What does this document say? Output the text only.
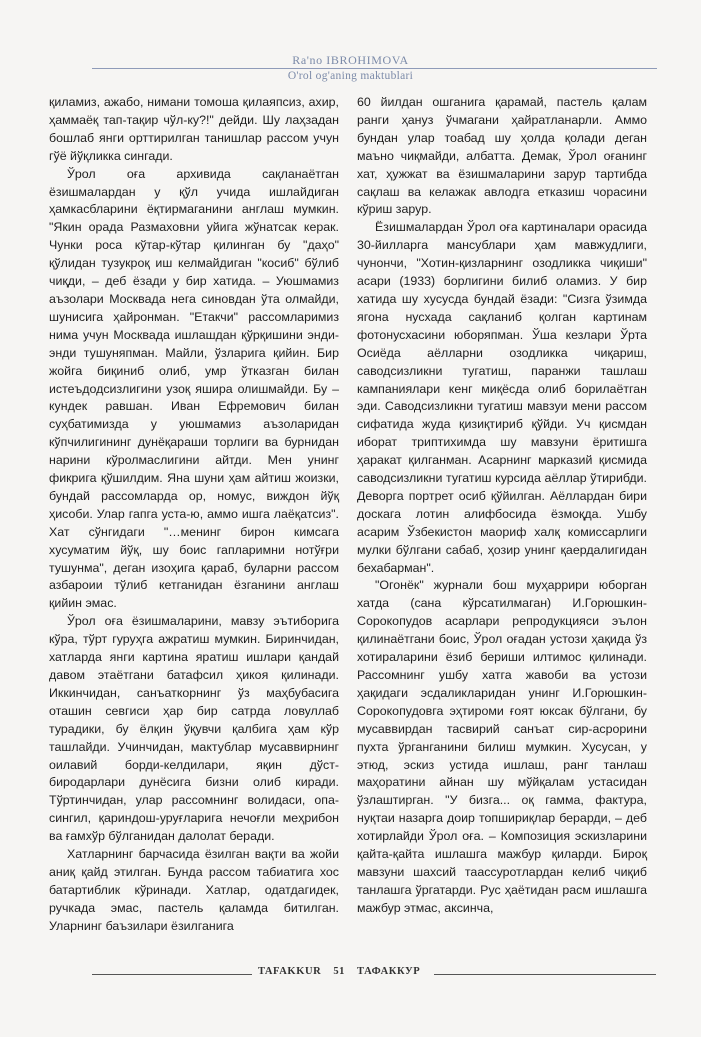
Ra'no IBROHIMOVA
O'rol og'aning maktublari

қиламиз, ажабо, нимани томоша қилаяпсиз, ахир, ҳаммаёқ тап-тақир чўл-ку?!" дейди. Шу лаҳзадан бошлаб янги орттирилган танишлар рассом учун гўё йўқликка сингади.

Ўрол оға архивида сақланаётган ёзишмалардан у қўл учида ишлайдиган ҳамкасбларини ёқтирмаганини англаш мумкин. "Якин орада Размаховни уйига жўнатсак керак. Чунки роса кўтар-кўтар қилинган бу "даҳо" қўлидан тузукроқ иш келмайдиган "косиб" бўлиб чиқди, – деб ёзади у бир хатида. – Уюшмамиз аъзолари Москвада нега синовдан ўта олмайди, шунисига ҳайронман. "Етакчи" рассомларимиз нима учун Москвада ишлашдан қўрқишини энди-энди тушуняпман. Майли, ўзларига қийин. Бир жойга биқиниб олиб, умр ўтказган билан истеъдодсизлигини узоқ яшира олишмайди. Бу – кундек равшан. Иван Ефремович билан суҳбатимизда у уюшмамиз аъзоларидан кўпчилигининг дунёқараши торлиги ва бурнидан нарини кўролмаслигини айтди. Мен унинг фикрига қўшилдим. Яна шуни ҳам айтиш жоизки, бундай рассомларда ор, номус, виждон йўқ ҳисоби. Улар гапга уста-ю, аммо ишга лаёқатсиз". Хат сўнгидаги "…менинг бирон кимсага хусуматим йўқ, шу боис гапларимни нотўғри тушунма", деган изоҳига қараб, буларни рассом азбароии тўлиб кетганидан ёзганини англаш қийин эмас.

Ўрол оға ёзишмаларини, мавзу эътиборига кўра, тўрт гуруҳга ажратиш мумкин. Биринчидан, хатларда янги картина яратиш ишлари қандай давом этаётгани батафсил ҳикоя қилинади. Иккинчидан, санъаткорнинг ўз маҳбубасига оташин севгиси ҳар бир сатрда ловуллаб турадики, бу ёлқин ўқувчи қалбига ҳам кўр ташлайди. Учинчидан, мактублар мусаввирнинг оилавий борди-келдилари, яқин дўст-биродарлари дунёсига бизни олиб киради. Тўртинчидан, улар рассомнинг волидаси, опа-сингил, қариндош-уруғларига нечоғли меҳрибон ва ғамхўр бўлганидан далолат беради.

Хатларнинг барчасида ёзилган вақти ва жойи аниқ қайд этилган. Бунда рассом табиатига хос батартиблик кўринади. Хатлар, одатдагидек, ручкада эмас, пастель қаламда битилган. Уларнинг баъзилари ёзилганига

60 йилдан ошганига қарамай, пастель қалам ранги ҳануз ўчмагани ҳайратланарли. Аммо бундан улар тоабад шу ҳолда қолади деган маъно чиқмайди, албатта. Демак, Ўрол оғанинг хат, ҳужжат ва ёзишмаларини зарур тартибда сақлаш ва келажак авлодга етказиш чорасини кўриш зарур.

Ёзишмалардан Ўрол оға картиналари орасида 30-йилларга мансублари ҳам мавжудлиги, чунончи, "Хотин-қизларнинг озодликка чиқиши" асари (1933) борлигини билиб оламиз. У бир хатида шу хусусда бундай ёзади: "Сизга ўзимда ягона нусхада сақланиб қолган картинам фотонусхасини юборяпман. Ўша кезлари Ўрта Осиёда аёлларни озодликка чиқариш, саводсизликни тугатиш, паранжи ташлаш кампаниялари кенг миқёсда олиб борилаётган эди. Саводсизликни тугатиш мавзуи мени рассом сифатида жуда қизиқтириб қўйди. Уч қисмдан иборат триптихимда шу мавзуни ёритишга ҳаракат қилганман. Асарнинг марказий қисмида саводсизликни тугатиш курсида аёллар ўтирибди. Деворга портрет осиб қўйилган. Аёллардан бири доскага лотин алифбосида ёзмоқда. Ушбу асарим Ўзбекистон маориф халқ комиссарлиги мулки бўлгани сабаб, ҳозир унинг қаердалигидан бехабарман".

"Огонёк" журнали бош муҳаррири юборган хатда (сана кўрсатилмаган) И.Горюшкин-Сорокопудов асарлари репродукцияси эълон қилинаётгани боис, Ўрол оғадан устози ҳақида ўз хотираларини ёзиб бериши илтимос қилинади. Рассомнинг ушбу хатга жавоби ва устози ҳақидаги эсдаликларидан унинг И.Горюшкин-Сорокопудовга эҳтироми ғоят юксак бўлгани, бу мусаввирдан тасвирий санъат сир-асрорини пухта ўрганганини билиш мумкин. Хусусан, у этюд, эскиз устида ишлаш, ранг танлаш маҳоратини айнан шу мўйқалам устасидан ўзлаштирган. "У бизга... оқ гамма, фактура, нуқтаи назарга доир топшириқлар берарди, – деб хотирлайди Ўрол оға. – Композиция эскизларини қайта-қайта ишлашга мажбур қиларди. Бироқ мавзуни шахсий таассуротлардан келиб чиқиб танлашга ўргатарди. Рус ҳаётидан расм ишлашга мажбур этмас, аксинча,

TAFAKKUR 51 ТАФАККУР
